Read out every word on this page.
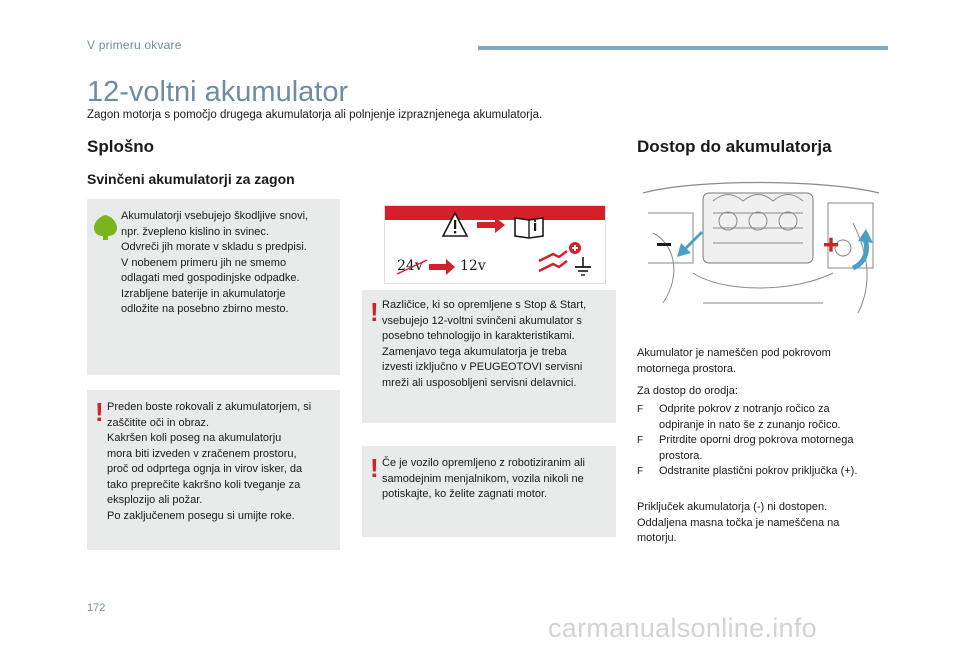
V primeru okvare
12-voltni akumulator
Zagon motorja s pomočjo drugega akumulatorja ali polnjenje izpraznjenega akumulatorja.
Splošno
Svinčeni akumulatorji za zagon
Akumulatorji vsebujejo škodljive snovi,
npr. žvepleno kislino in svinec.
Odvreči jih morate v skladu s predpisi.
V nobenem primeru jih ne smemo
odlagati med gospodinjske odpadke.
Izrabljene baterije in akumulatorje
odložite na posebno zbirno mesto.
! Preden boste rokovali z akumulatorjem, si
zaščitite oči in obraz.
Kakršen koli poseg na akumulatorju
mora biti izveden v zračenem prostoru,
proč od odprtega ognja in virov isker, da
tako preprečite kakršno koli tveganje za
eksplozijo ali požar.
Po zaključenem posegu si umijte roke.
24v	12v
! Različice, ki so opremljene s Stop & Start,
vsebujejo 12-voltni svinčeni akumulator s
posebno tehnologijo in karakteristikami.
Zamenjavo tega akumulatorja je treba
izvesti izključno v PEUGEOTOVI servisni
mreži ali usposobljeni servisni delavnici.
! Če je vozilo opremljeno z robotiziranim ali
samodejnim menjalnikom, vozila nikoli ne
potiskajte, ko želite zagnati motor.
Dostop do akumulatorja
Akumulator je nameščen pod pokrovom
motornega prostora.
Za dostop do orodja:
F	Odprite pokrov z notranjo ročico za
odpiranje in nato še z zunanjo ročico.
F	Pritrdite oporni drog pokrova motornega
prostora.
F	Odstranite plastični pokrov priključka (+).
Priključek akumulatorja (-) ni dostopen.
Oddaljena masna točka je nameščena na
motorju.
172
carmanualsonline.info
